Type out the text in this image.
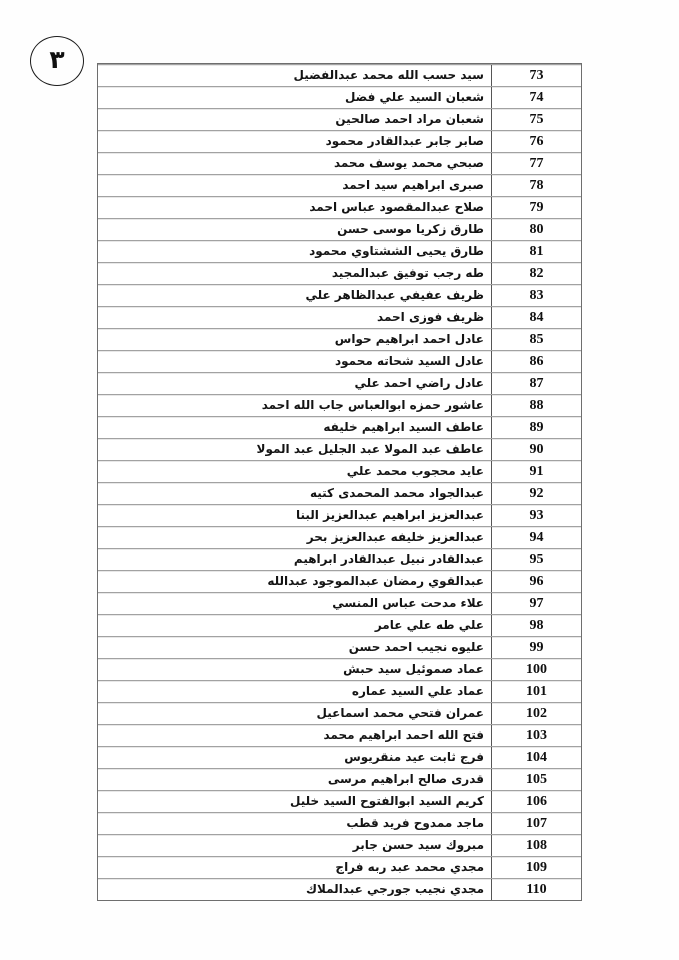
٣
سيد حسب الله محمد عبدالفضيل	73
شعبان السيد علي فضل	74
شعبان مراد احمد صالحين	75
صابر جابر عبدالقادر محمود	76
صبحي محمد يوسف محمد	77
صبرى ابراهيم سيد احمد	78
صلاح عبدالمقصود عباس احمد	79
طارق زكريا موسى حسن	80
طارق يحيى الششتاوي محمود	81
طه رجب توفيق عبدالمجيد	82
ظريف عفيفي عبدالظاهر علي	83
ظريف فوزى احمد	84
عادل احمد ابراهيم حواس	85
عادل السيد شحاته محمود	86
عادل راضي احمد علي	87
عاشور حمزه ابوالعباس جاب الله احمد	88
عاطف السيد ابراهيم خليفه	89
عاطف عبد المولا عبد الجليل عبد المولا	90
عايد محجوب محمد علي	91
عبدالجواد محمد المحمدى كتيه	92
عبدالعزيز ابراهيم عبدالعزيز البنا	93
عبدالعزيز خليفه عبدالعزيز بحر	94
عبدالقادر نبيل عبدالقادر ابراهيم	95
عبدالقوي رمضان عبدالموجود عبدالله	96
علاء مدحت عباس المنسي	97
علي طه علي عامر	98
عليوه نجيب احمد حسن	99
عماد صموئيل سيد حبش	100
عماد علي السيد عماره	101
عمران فتحي محمد اسماعيل	102
فتح الله احمد ابراهيم محمد	103
فرج ثابت عيد منقريوس	104
قدرى صالح ابراهيم مرسى	105
كريم السيد ابوالفتوح السيد خليل	106
ماجد ممدوح فريد قطب	107
مبروك سيد حسن جابر	108
مجدي محمد عبد ربه فراج	109
مجدي نجيب جورجي عبدالملاك	110
